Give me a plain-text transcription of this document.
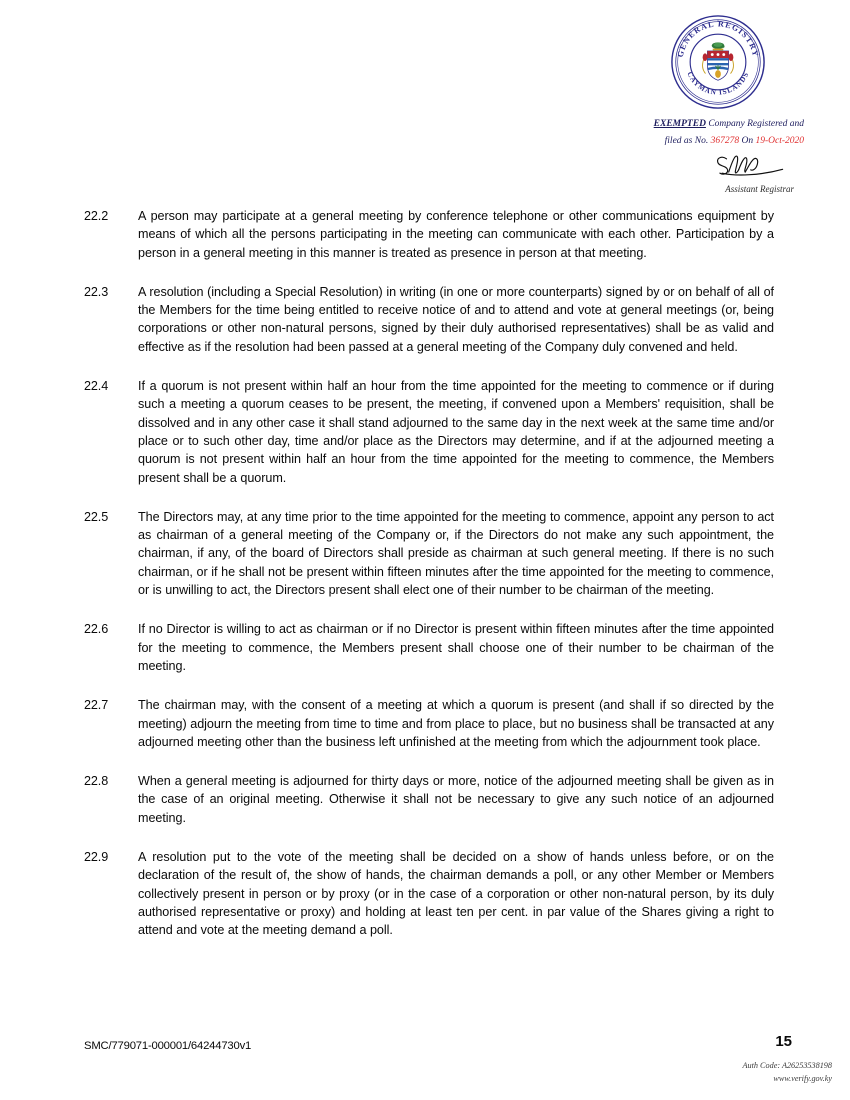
GENERAL REGISTRY
CAYMAN ISLANDS
EXEMPTED Company Registered and
filed as No. 367278 On 19-Oct-2020
Assistant Registrar
22.2	A person may participate at a general meeting by conference telephone or other communications equipment by means of which all the persons participating in the meeting can communicate with each other. Participation by a person in a general meeting in this manner is treated as presence in person at that meeting.
22.3	A resolution (including a Special Resolution) in writing (in one or more counterparts) signed by or on behalf of all of the Members for the time being entitled to receive notice of and to attend and vote at general meetings (or, being corporations or other non-natural persons, signed by their duly authorised representatives) shall be as valid and effective as if the resolution had been passed at a general meeting of the Company duly convened and held.
22.4	If a quorum is not present within half an hour from the time appointed for the meeting to commence or if during such a meeting a quorum ceases to be present, the meeting, if convened upon a Members' requisition, shall be dissolved and in any other case it shall stand adjourned to the same day in the next week at the same time and/or place or to such other day, time and/or place as the Directors may determine, and if at the adjourned meeting a quorum is not present within half an hour from the time appointed for the meeting to commence, the Members present shall be a quorum.
22.5	The Directors may, at any time prior to the time appointed for the meeting to commence, appoint any person to act as chairman of a general meeting of the Company or, if the Directors do not make any such appointment, the chairman, if any, of the board of Directors shall preside as chairman at such general meeting. If there is no such chairman, or if he shall not be present within fifteen minutes after the time appointed for the meeting to commence, or is unwilling to act, the Directors present shall elect one of their number to be chairman of the meeting.
22.6	If no Director is willing to act as chairman or if no Director is present within fifteen minutes after the time appointed for the meeting to commence, the Members present shall choose one of their number to be chairman of the meeting.
22.7	The chairman may, with the consent of a meeting at which a quorum is present (and shall if so directed by the meeting) adjourn the meeting from time to time and from place to place, but no business shall be transacted at any adjourned meeting other than the business left unfinished at the meeting from which the adjournment took place.
22.8	When a general meeting is adjourned for thirty days or more, notice of the adjourned meeting shall be given as in the case of an original meeting. Otherwise it shall not be necessary to give any such notice of an adjourned meeting.
22.9	A resolution put to the vote of the meeting shall be decided on a show of hands unless before, or on the declaration of the result of, the show of hands, the chairman demands a poll, or any other Member or Members collectively present in person or by proxy (or in the case of a corporation or other non-natural person, by its duly authorised representative or proxy) and holding at least ten per cent. in par value of the Shares giving a right to attend and vote at the meeting demand a poll.
SMC/779071-000001/64244730v1	15
Auth Code: A26253538198
www.verify.gov.ky
